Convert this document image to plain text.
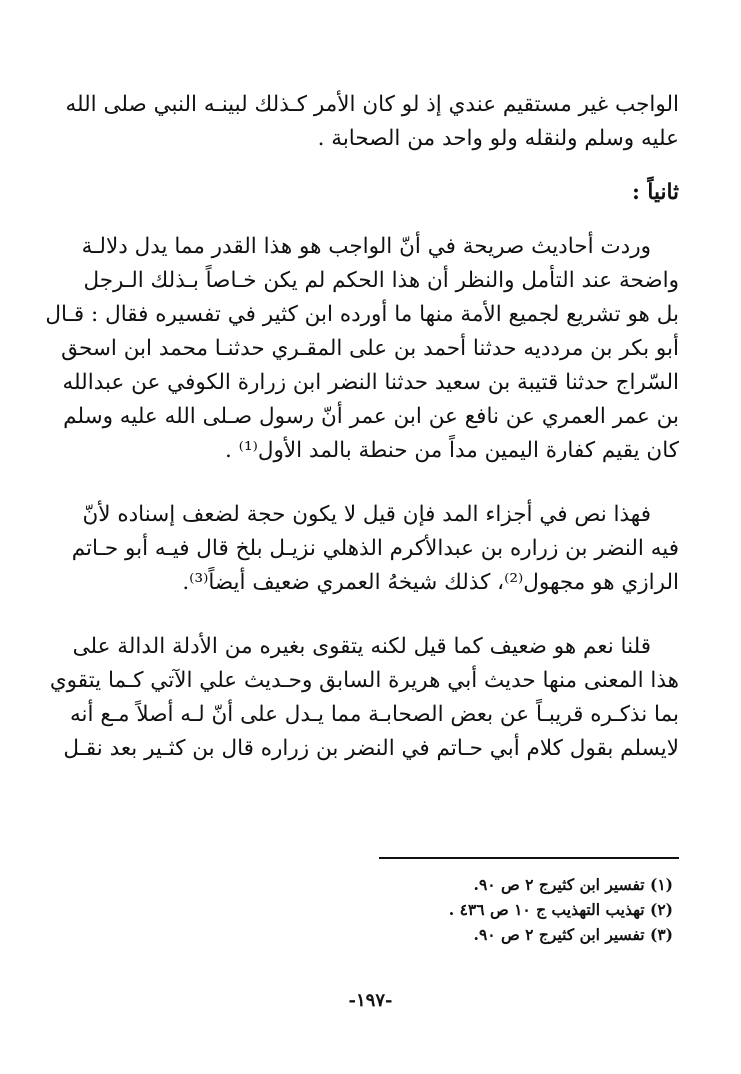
الواجب غير مستقيم عندي إذ لو كان الأمر كـذلك لبينـه النبي صلى الله
عليه وسلم ولنقله ولو واحد من الصحابة .
ثانياً :
وردت أحاديث صريحة في أنّ الواجب هو هذا القدر مما يدل دلالـة
واضحة عند التأمل والنظر أن هذا الحكم لم يكن خـاصاً بـذلك الـرجل
بل هو تشريع لجميع الأمة منها ما أورده ابن كثير في تفسيره فقال : قـال
أبو بكر بن مردديه حدثنا أحمد بن على المقـري حدثنـا محمد ابن اسحق
السّراج حدثنا قتيبة بن سعيد حدثنا النضر ابن زرارة الكوفي عن عبدالله
بن عمر العمري عن نافع عن ابن عمر أنّ رسول صـلى الله عليه وسلم
كان يقيم كفارة اليمين مداً من حنطة بالمد الأول⁽¹⁾ .
فهذا نص في أجزاء المد فإن قيل لا يكون حجة لضعف إسناده لأنّ
فيه النضر بن زراره بن عبدالأكرم الذهلي نزيـل بلخ قال فيـه أبو حـاتم
الرازي هو مجهول⁽²⁾، كذلك شيخهُ العمري ضعيف أيضاً⁽³⁾.
قلنا نعم هو ضعيف كما قيل لكنه يتقوى بغيره من الأدلة الدالة على
هذا المعنى منها حديث أبي هريرة السابق وحـديث علي الآتي كـما يتقوي
بما نذكـره قريبـاً عن بعض الصحابـة مما يـدل على أنّ لـه أصلاً مـع أنه
لايسلم بقول كلام أبي حـاتم في النضر بن زراره قال بن كثـير بعد نقـل
(١) تفسير ابن كثيرج ٢ ص ٩٠.
(٢) تهذيب التهذيب ج ١٠ ص ٤٣٦ .
(٣) تفسير ابن كثيرج ٢ ص ٩٠.
-١٩٧-
